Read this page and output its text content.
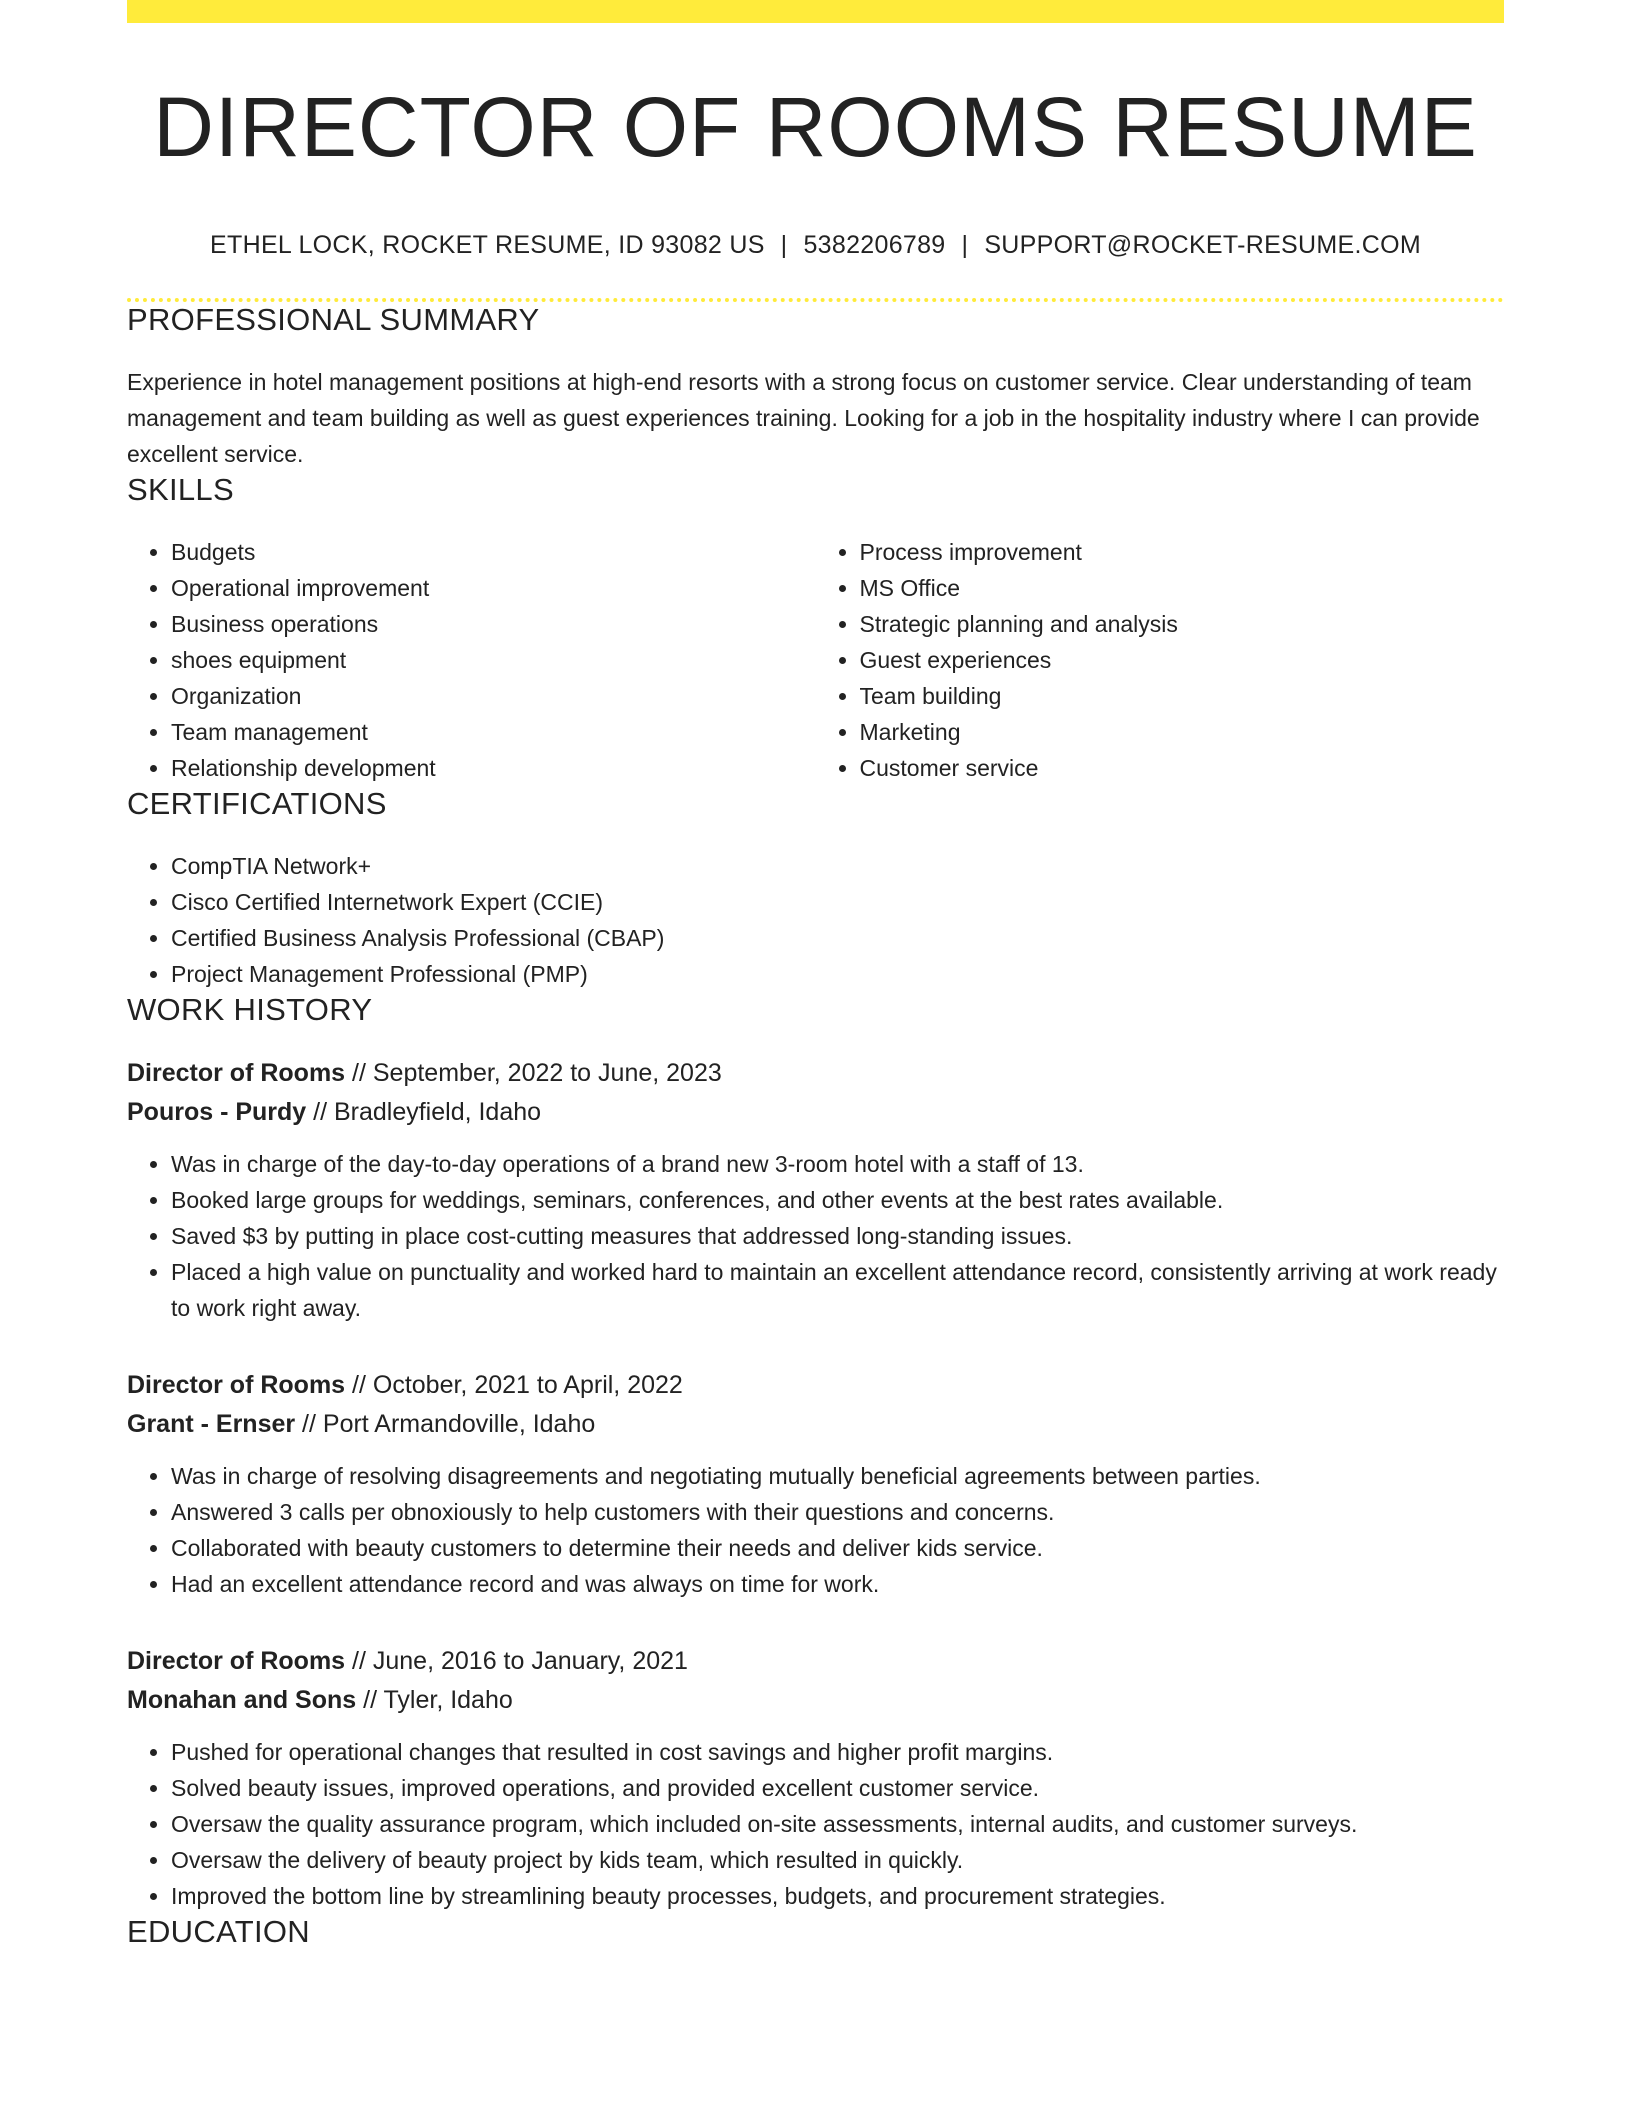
DIRECTOR OF ROOMS RESUME
ETHEL LOCK, ROCKET RESUME, ID 93082 US | 5382206789 | SUPPORT@ROCKET-RESUME.COM
PROFESSIONAL SUMMARY

Experience in hotel management positions at high-end resorts with a strong focus on customer service. Clear understanding of team management and team building as well as guest experiences training. Looking for a job in the hospitality industry where I can provide excellent service.

SKILLS
• Budgets
• Operational improvement
• Business operations
• shoes equipment
• Organization
• Team management
• Relationship development
• Process improvement
• MS Office
• Strategic planning and analysis
• Guest experiences
• Team building
• Marketing
• Customer service
CERTIFICATIONS
• CompTIA Network+
• Cisco Certified Internetwork Expert (CCIE)
• Certified Business Analysis Professional (CBAP)
• Project Management Professional (PMP)
WORK HISTORY
Director of Rooms // September, 2022 to June, 2023
Pouros - Purdy // Bradleyfield, Idaho
• Was in charge of the day-to-day operations of a brand new 3-room hotel with a staff of 13.
• Booked large groups for weddings, seminars, conferences, and other events at the best rates available.
• Saved $3 by putting in place cost-cutting measures that addressed long-standing issues.
• Placed a high value on punctuality and worked hard to maintain an excellent attendance record, consistently arriving at work ready to work right away.
Director of Rooms // October, 2021 to April, 2022
Grant - Ernser // Port Armandoville, Idaho
• Was in charge of resolving disagreements and negotiating mutually beneficial agreements between parties.
• Answered 3 calls per obnoxiously to help customers with their questions and concerns.
• Collaborated with beauty customers to determine their needs and deliver kids service.
• Had an excellent attendance record and was always on time for work.
Director of Rooms // June, 2016 to January, 2021
Monahan and Sons // Tyler, Idaho
• Pushed for operational changes that resulted in cost savings and higher profit margins.
• Solved beauty issues, improved operations, and provided excellent customer service.
• Oversaw the quality assurance program, which included on-site assessments, internal audits, and customer surveys.
• Oversaw the delivery of beauty project by kids team, which resulted in quickly.
• Improved the bottom line by streamlining beauty processes, budgets, and procurement strategies.
EDUCATION
